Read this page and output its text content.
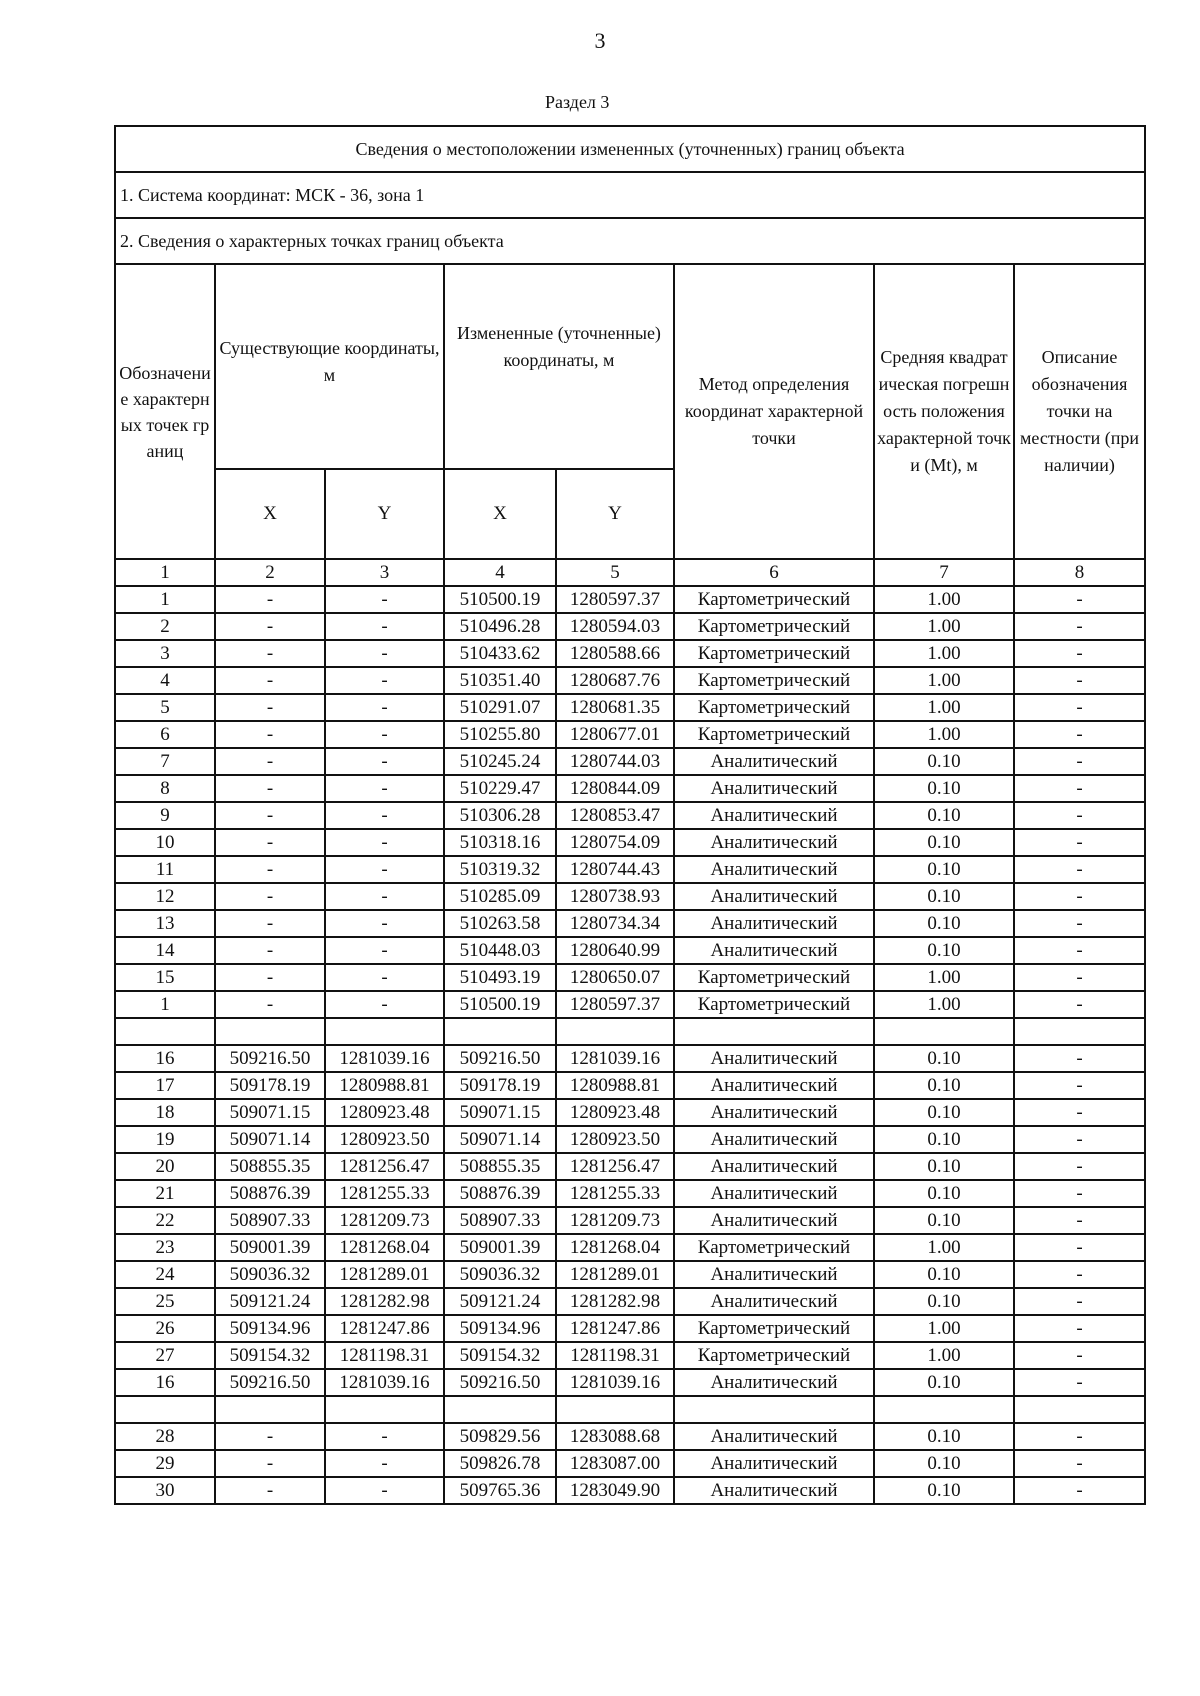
3
Раздел 3
Сведения о местоположении измененных (уточненных) границ объекта							
1. Система координат: МСК - 36, зона 1							
2. Сведения о характерных точках границ объекта							
Обозначение характерных точек границ	Существующие координаты, м		Измененные (уточненные) координаты, м		Метод определения координат характерной точки	Средняя квадратическая погрешность положения характерной точки (Mt), м	Описание обозначения точки на местности (при наличии)
	X	Y	X	Y			
1	2	3	4	5	6	7	8
1	-	-	510500.19	1280597.37	Картометрический	1.00	-
2	-	-	510496.28	1280594.03	Картометрический	1.00	-
3	-	-	510433.62	1280588.66	Картометрический	1.00	-
4	-	-	510351.40	1280687.76	Картометрический	1.00	-
5	-	-	510291.07	1280681.35	Картометрический	1.00	-
6	-	-	510255.80	1280677.01	Картометрический	1.00	-
7	-	-	510245.24	1280744.03	Аналитический	0.10	-
8	-	-	510229.47	1280844.09	Аналитический	0.10	-
9	-	-	510306.28	1280853.47	Аналитический	0.10	-
10	-	-	510318.16	1280754.09	Аналитический	0.10	-
11	-	-	510319.32	1280744.43	Аналитический	0.10	-
12	-	-	510285.09	1280738.93	Аналитический	0.10	-
13	-	-	510263.58	1280734.34	Аналитический	0.10	-
14	-	-	510448.03	1280640.99	Аналитический	0.10	-
15	-	-	510493.19	1280650.07	Картометрический	1.00	-
1	-	-	510500.19	1280597.37	Картометрический	1.00	-

16	509216.50	1281039.16	509216.50	1281039.16	Аналитический	0.10	-
17	509178.19	1280988.81	509178.19	1280988.81	Аналитический	0.10	-
18	509071.15	1280923.48	509071.15	1280923.48	Аналитический	0.10	-
19	509071.14	1280923.50	509071.14	1280923.50	Аналитический	0.10	-
20	508855.35	1281256.47	508855.35	1281256.47	Аналитический	0.10	-
21	508876.39	1281255.33	508876.39	1281255.33	Аналитический	0.10	-
22	508907.33	1281209.73	508907.33	1281209.73	Аналитический	0.10	-
23	509001.39	1281268.04	509001.39	1281268.04	Картометрический	1.00	-
24	509036.32	1281289.01	509036.32	1281289.01	Аналитический	0.10	-
25	509121.24	1281282.98	509121.24	1281282.98	Аналитический	0.10	-
26	509134.96	1281247.86	509134.96	1281247.86	Картометрический	1.00	-
27	509154.32	1281198.31	509154.32	1281198.31	Картометрический	1.00	-
16	509216.50	1281039.16	509216.50	1281039.16	Аналитический	0.10	-

28	-	-	509829.56	1283088.68	Аналитический	0.10	-
29	-	-	509826.78	1283087.00	Аналитический	0.10	-
30	-	-	509765.36	1283049.90	Аналитический	0.10	-
